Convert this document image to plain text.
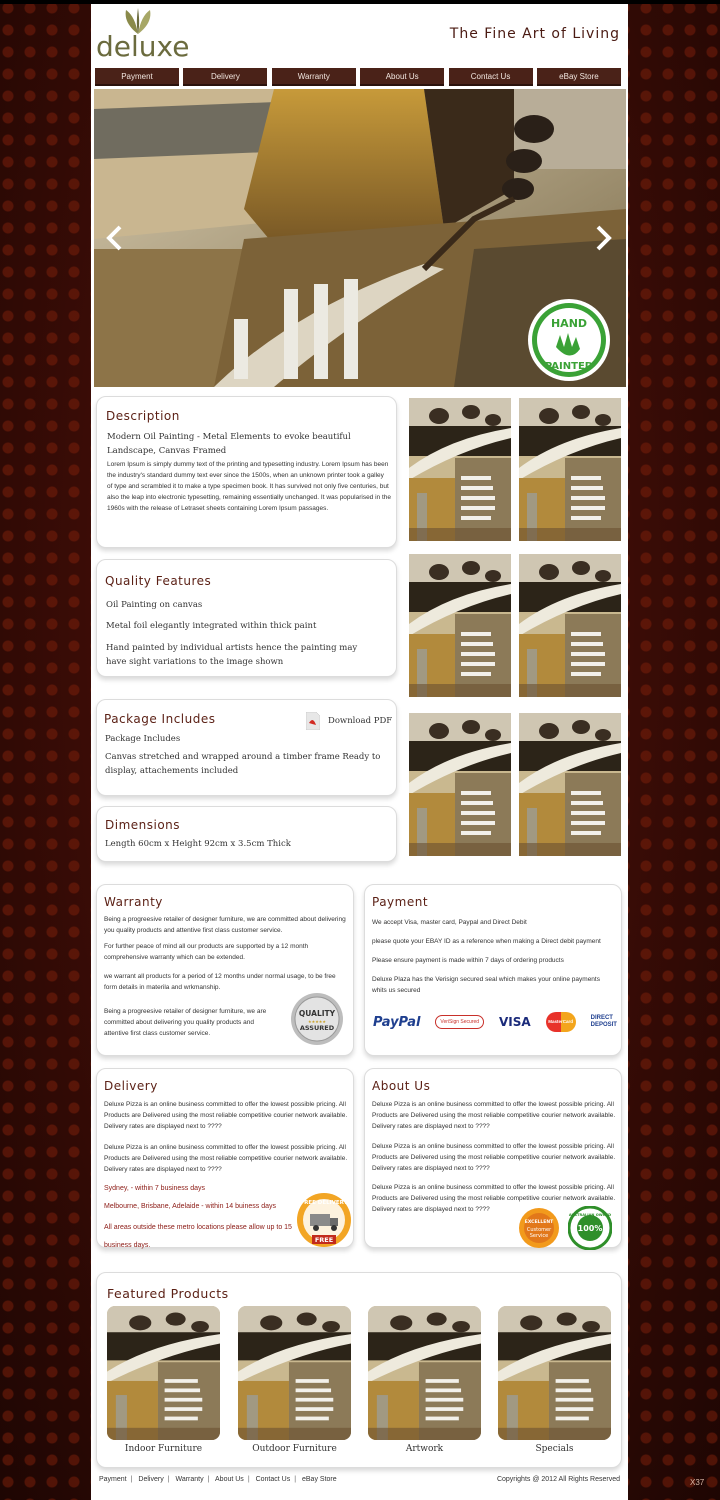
deluxe	The Fine Art of Living
Payment	Delivery	Warranty	About Us	Contact Us	eBay Store
HAND
PAINTED
Description
Modern Oil Painting - Metal Elements to evoke beautiful Landscape, Canvas Framed
Lorem Ipsum is simply dummy text of the printing and typesetting industry. Lorem Ipsum has been the industry's standard dummy text ever since the 1500s, when an unknown printer took a galley of type and scrambled it to make a type specimen book. It has survived not only five centuries, but also the leap into electronic typesetting, remaining essentially unchanged. It was popularised in the 1960s with the release of Letraset sheets containing Lorem Ipsum passages.
Quality Features
Oil Painting on canvas
Metal foil elegantly integrated within thick paint
Hand painted by individual artists hence the painting may have sight variations to the image shown
Package Includes	Download PDF
Package Includes
Canvas stretched and wrapped around a timber frame Ready to display, attachements included
Dimensions
Length 60cm x Height 92cm x 3.5cm Thick
Warranty
Being a progreesive retailer of designer furniture, we are committed about delivering you quality products and attentive first class customer service.
For further peace of mind all our products are supported by a 12 month comprehensive warranty which can be extended.
we warrant all products for a period of 12 months under normal usage, to be free form details in materila and wrkmanship.
Being a progreesive retailer of designer furniture, we are committed about delivering you quality products and attentive first class customer service.
QUALITY
★★★★★
ASSURED
Payment
We accept Visa, master card, Paypal and Direct Debit
please quote your EBAY ID as a reference when making a Direct debit payment
Please ensure payment is made within 7 days of ordering products
Deluxe Plaza has the Verisign secured seal which makes your online payments whits us secured
PayPal	VeriSign Secured	VISA	MasterCard
DIRECT
DEPOSIT
Delivery
Deluxe Pizza is an online business committed to offer the lowest possible pricing. All Products are Delivered using the most reliable competitive courier network available. Delivery rates are displayed next to ????
Deluxe Pizza is an online business committed to offer the lowest possible pricing. All Products are Delivered using the most reliable competitive courier network available. Delivery rates are displayed next to ????
Sydney, - within 7 business days
Melbourne, Brisbane, Adelaide - within 14 buiness days
All areas outside these metro locations please allow up to 15 business days.
FREE DELIVERY
FREE
About Us
Deluxe Pizza is an online business committed to offer the lowest possible pricing. All Products are Delivered using the most reliable competitive courier network available. Delivery rates are displayed next to ????
Deluxe Pizza is an online business committed to offer the lowest possible pricing. All Products are Delivered using the most reliable competitive courier network available. Delivery rates are displayed next to ????
Deluxe Pizza is an online business committed to offer the lowest possible pricing. All Products are Delivered using the most reliable competitive courier network available. Delivery rates are displayed next to ????
EXCELLENT
Customer
Service
AUSTRALIAN OWNED
100%
Featured Products
Indoor Furniture	Outdoor Furniture	Artwork	Specials
Payment | Delivery | Warranty | About Us | Contact Us | eBay Store	Copyrights @ 2012 All Rights Reserved	X37
